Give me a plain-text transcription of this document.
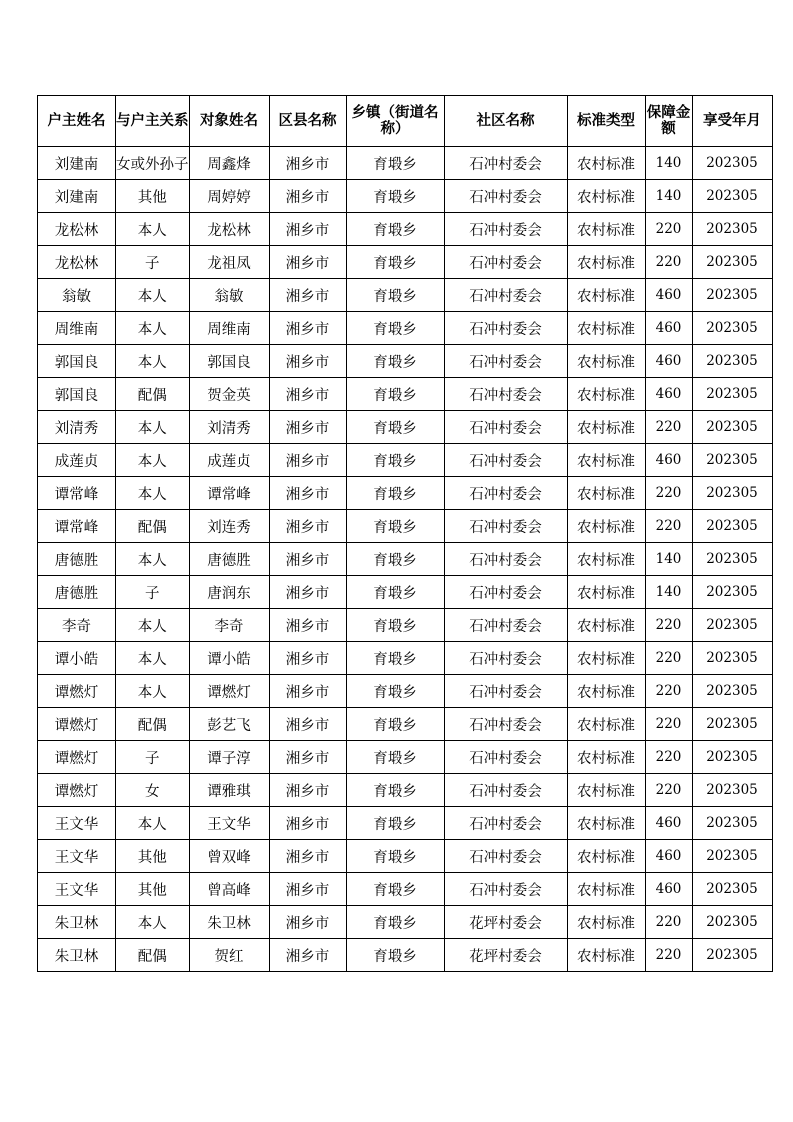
户主姓名	与户主关系	对象姓名	区县名称	乡镇（街道名称）	社区名称	标准类型	保障金额	享受年月
刘建南	女或外孙子	周鑫烽	湘乡市	育塅乡	石冲村委会	农村标准	140	202305
刘建南	其他	周婷婷	湘乡市	育塅乡	石冲村委会	农村标准	140	202305
龙松林	本人	龙松林	湘乡市	育塅乡	石冲村委会	农村标准	220	202305
龙松林	子	龙祖凤	湘乡市	育塅乡	石冲村委会	农村标准	220	202305
翁敏	本人	翁敏	湘乡市	育塅乡	石冲村委会	农村标准	460	202305
周维南	本人	周维南	湘乡市	育塅乡	石冲村委会	农村标准	460	202305
郭国良	本人	郭国良	湘乡市	育塅乡	石冲村委会	农村标准	460	202305
郭国良	配偶	贺金英	湘乡市	育塅乡	石冲村委会	农村标准	460	202305
刘清秀	本人	刘清秀	湘乡市	育塅乡	石冲村委会	农村标准	220	202305
成莲贞	本人	成莲贞	湘乡市	育塅乡	石冲村委会	农村标准	460	202305
谭常峰	本人	谭常峰	湘乡市	育塅乡	石冲村委会	农村标准	220	202305
谭常峰	配偶	刘连秀	湘乡市	育塅乡	石冲村委会	农村标准	220	202305
唐德胜	本人	唐德胜	湘乡市	育塅乡	石冲村委会	农村标准	140	202305
唐德胜	子	唐润东	湘乡市	育塅乡	石冲村委会	农村标准	140	202305
李奇	本人	李奇	湘乡市	育塅乡	石冲村委会	农村标准	220	202305
谭小皓	本人	谭小皓	湘乡市	育塅乡	石冲村委会	农村标准	220	202305
谭燃灯	本人	谭燃灯	湘乡市	育塅乡	石冲村委会	农村标准	220	202305
谭燃灯	配偶	彭艺飞	湘乡市	育塅乡	石冲村委会	农村标准	220	202305
谭燃灯	子	谭子淳	湘乡市	育塅乡	石冲村委会	农村标准	220	202305
谭燃灯	女	谭雅琪	湘乡市	育塅乡	石冲村委会	农村标准	220	202305
王文华	本人	王文华	湘乡市	育塅乡	石冲村委会	农村标准	460	202305
王文华	其他	曾双峰	湘乡市	育塅乡	石冲村委会	农村标准	460	202305
王文华	其他	曾高峰	湘乡市	育塅乡	石冲村委会	农村标准	460	202305
朱卫林	本人	朱卫林	湘乡市	育塅乡	花坪村委会	农村标准	220	202305
朱卫林	配偶	贺红	湘乡市	育塅乡	花坪村委会	农村标准	220	202305
